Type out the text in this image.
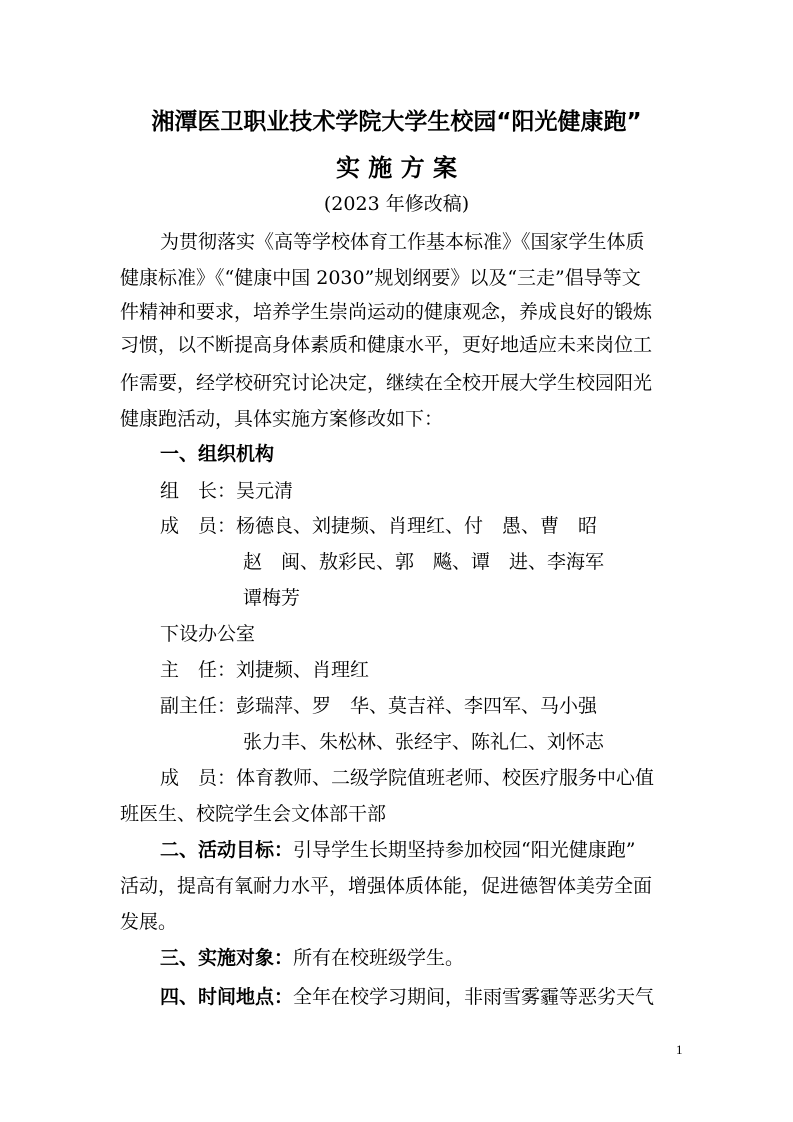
湘潭医卫职业技术学院大学生校园“阳光健康跑”
实 施 方 案
(2023 年修改稿)
为贯彻落实《高等学校体育工作基本标准》《国家学生体质
健康标准》《“健康中国 2030”规划纲要》以及“三走”倡导等文
件精神和要求，培养学生崇尚运动的健康观念，养成良好的锻炼
习惯，以不断提高身体素质和健康水平，更好地适应未来岗位工
作需要，经学校研究讨论决定，继续在全校开展大学生校园阳光
健康跑活动，具体实施方案修改如下：
一、组织机构
组　长：吴元清
成　员：杨德良、刘捷频、肖理红、付　愚、曹　昭
赵　闽、敖彩民、郭　飚、谭　进、李海军
谭梅芳
下设办公室
主　任：刘捷频、肖理红
副主任：彭瑞萍、罗　华、莫吉祥、李四军、马小强
张力丰、朱松林、张经宇、陈礼仁、刘怀志
成　员：体育教师、二级学院值班老师、校医疗服务中心值
班医生、校院学生会文体部干部
二、活动目标：引导学生长期坚持参加校园“阳光健康跑”
活动，提高有氧耐力水平，增强体质体能，促进德智体美劳全面
发展。
三、实施对象：所有在校班级学生。
四、时间地点：全年在校学习期间，非雨雪雾霾等恶劣天气
1
